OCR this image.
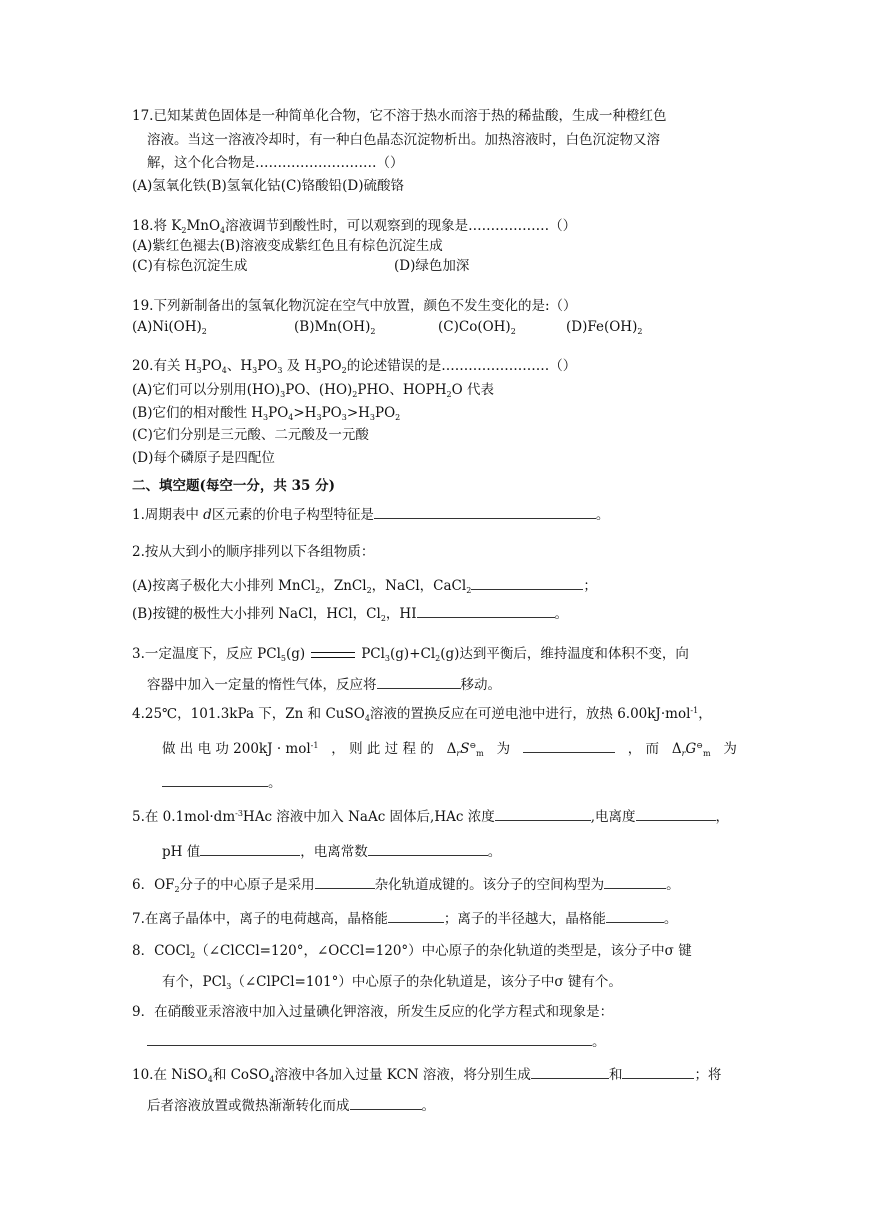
17.已知某黄色固体是一种简单化合物，它不溶于热水而溶于热的稀盐酸，生成一种橙红色
溶液。当这一溶液冷却时，有一种白色晶态沉淀物析出。加热溶液时，白色沉淀物又溶
解，这个化合物是………………………（）
(A)氢氧化铁(B)氢氧化钴(C)铬酸铅(D)硫酸铬
18.将 $K_2MnO_4$溶液调节到酸性时，可以观察到的现象是………………（）
(A)紫红色褪去(B)溶液变成紫红色且有棕色沉淀生成
(C)有棕色沉淀生成	(D)绿色加深
19.下列新制备出的氢氧化物沉淀在空气中放置，颜色不发生变化的是:（）
$(A)Ni(OH)_2$	$(B)Mn(OH)_2$	$(C)Co(OH)_2$	$(D)Fe(OH)_2$
20.有关 $H_3PO_4$、$H_3PO_3$ 及 $H_3PO_2$的论述错误的是……………………（）
(A)它们可以分别用$(HO)_3PO$、$(HO)_2PHO$、$HOPH_2O$ 代表
(B)它们的相对酸性 $H_3PO_4>H_3PO_3>H_3PO_2$
(C)它们分别是三元酸、二元酸及一元酸
(D)每个磷原子是四配位
二、填空题(每空一分，共 35 分)
1.周期表中 d区元素的价电子构型特征是	。
2.按从大到小的顺序排列以下各组物质：
(A)按离子极化大小排列 MnCl$_2$，ZnCl$_2$，NaCl，CaCl$_2$	；
(B)按键的极性大小排列 NaCl，HCl，$Cl_2$，HI	。
3.一定温度下，反应 PCl$_5$(g)	$PCl_3(g)+Cl_2(g)$达到平衡后，维持温度和体积不变，向
容器中加入一定量的惰性气体，反应将	移动。
4.25℃，101.3kPa 下，Zn 和 CuSO$_4$溶液的置换反应在可逆电池中进行，放热 6.00kJ·mol$^{-1}$，
做 出 电 功 200kJ · mol$^{-1}$ ， 则 此 过 程 的 $\Delta_rS^⊖_m$ 为	， 而 $\Delta_rG^⊖_m$ 为
。
5.在 $0.1mol\cdot dm^{-3}HAc$ 溶液中加入 NaAc 固体后,HAc 浓度	,电离度	，
pH 值	，电离常数	。
6．$OF_2$分子的中心原子是采用	杂化轨道成键的。该分子的空间构型为	。
7.在离子晶体中，离子的电荷越高，晶格能	；离子的半径越大，晶格能	。
8．COCl$_2$（∠ClCCl=120°，∠OCCl=120°）中心原子的杂化轨道的类型是，该分子中σ 键
有个，PCl$_3$（∠ClPCl=101°）中心原子的杂化轨道是，该分子中σ 键有个。
9．在硝酸亚汞溶液中加入过量碘化钾溶液，所发生反应的化学方程式和现象是：
。
10.在 NiSO$_4$和 CoSO$_4$溶液中各加入过量 KCN 溶液，将分别生成	和	；将
后者溶液放置或微热渐渐转化而成	。
